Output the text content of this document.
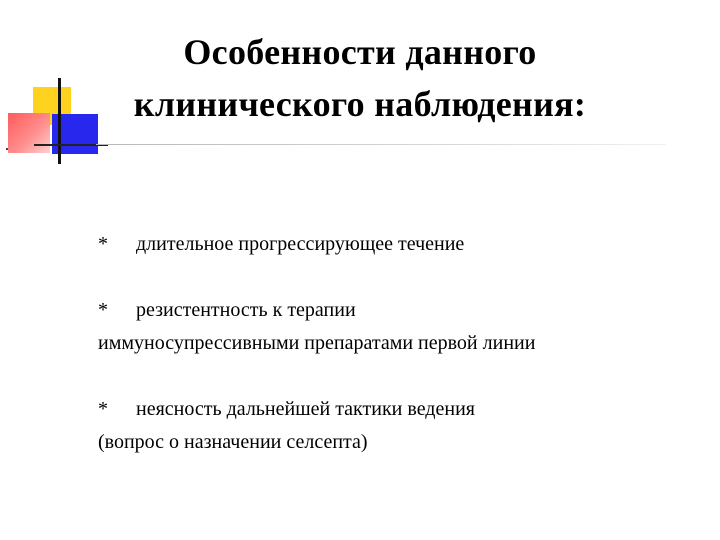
Особенности данного
клинического наблюдения:
* длительное прогрессирующее течение
* резистентность к терапии
иммуносупрессивными препаратами первой линии
* неясность дальнейшей тактики ведения
(вопрос о назначении селсепта)
